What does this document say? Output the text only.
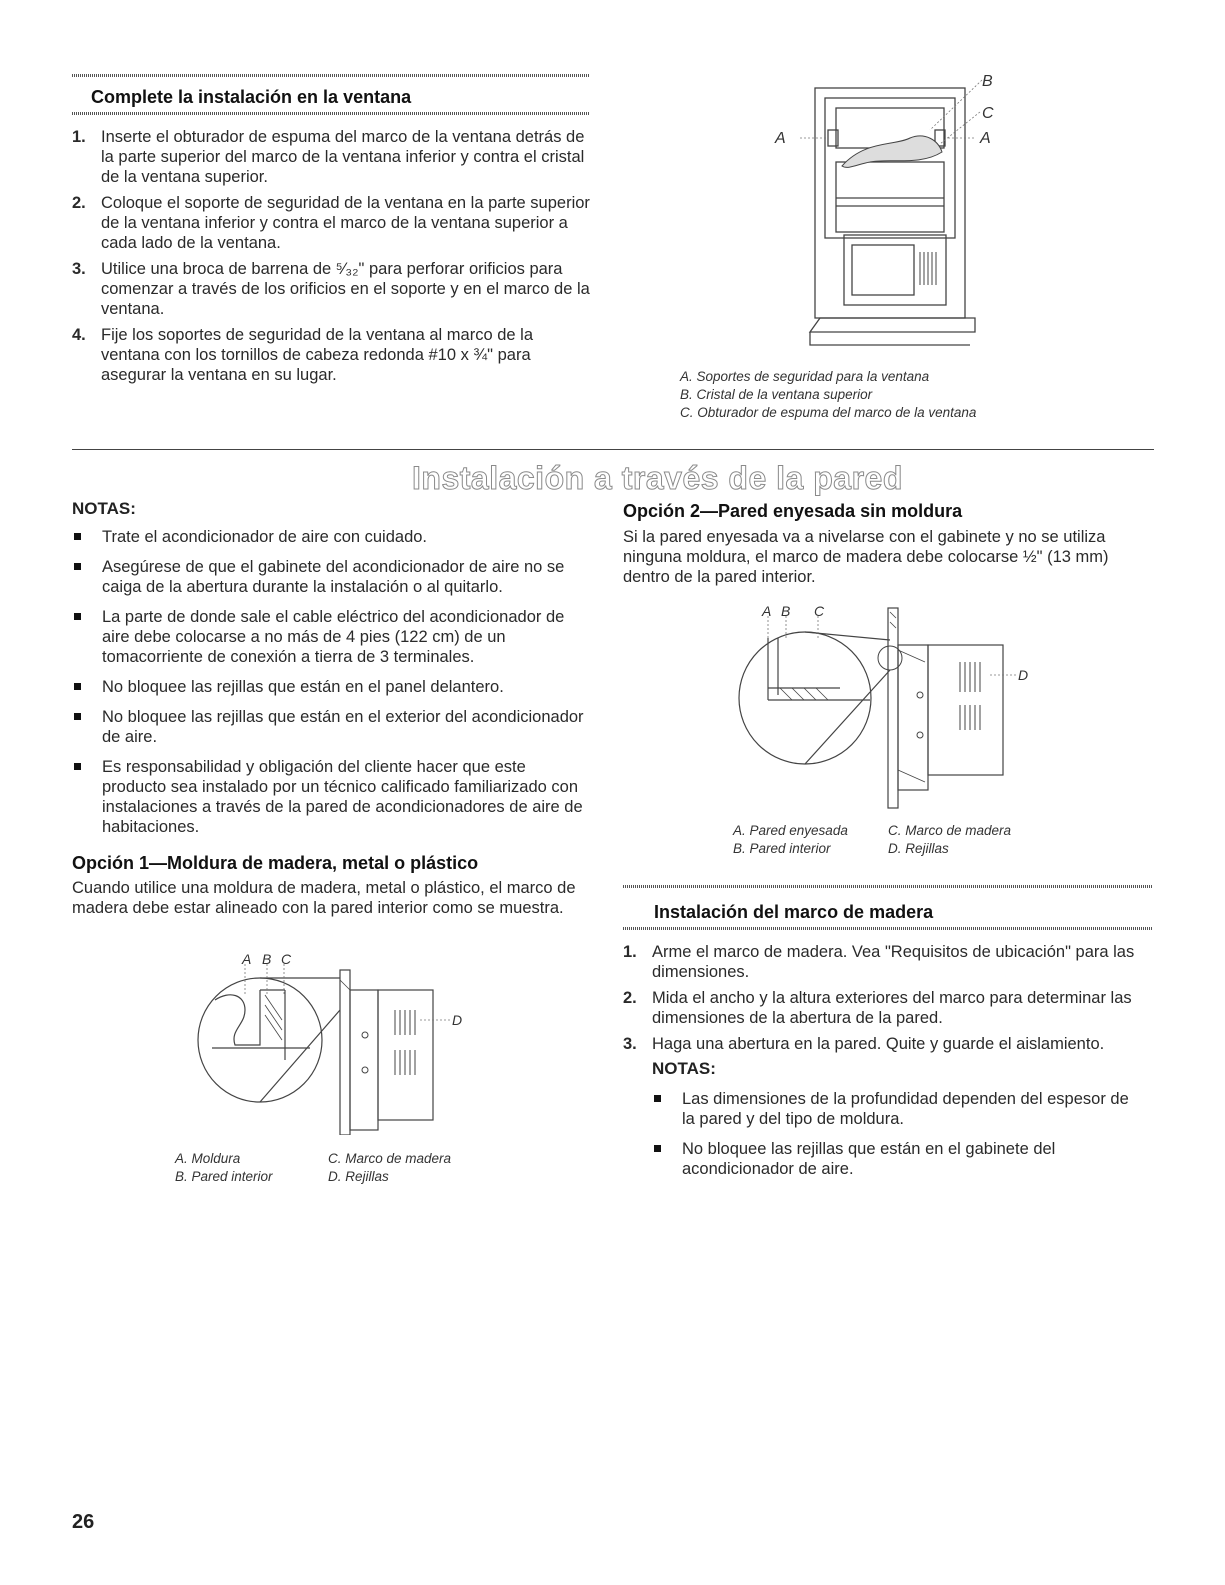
Complete la instalación en la ventana
1. Inserte el obturador de espuma del marco de la ventana detrás de la parte superior del marco de la ventana inferior y contra el cristal de la ventana superior.
2. Coloque el soporte de seguridad de la ventana en la parte superior de la ventana inferior y contra el marco de la ventana superior a cada lado de la ventana.
3. Utilice una broca de barrena de ⁵⁄₃₂" para perforar orificios para comenzar a través de los orificios en el soporte y en el marco de la ventana.
4. Fije los soportes de seguridad de la ventana al marco de la ventana con los tornillos de cabeza redonda #10 x ¾" para asegurar la ventana en su lugar.
A
B
C
A
A. Soportes de seguridad para la ventana
B. Cristal de la ventana superior
C. Obturador de espuma del marco de la ventana
Instalación a través de la pared
NOTAS:
Trate el acondicionador de aire con cuidado.
Asegúrese de que el gabinete del acondicionador de aire no se caiga de la abertura durante la instalación o al quitarlo.
La parte de donde sale el cable eléctrico del acondicionador de aire debe colocarse a no más de 4 pies (122 cm) de un tomacorriente de conexión a tierra de 3 terminales.
No bloquee las rejillas que están en el panel delantero.
No bloquee las rejillas que están en el exterior del acondicionador de aire.
Es responsabilidad y obligación del cliente hacer que este producto sea instalado por un técnico calificado familiarizado con instalaciones a través de la pared de acondicionadores de aire de habitaciones.
Opción 1—Moldura de madera, metal o plástico
Cuando utilice una moldura de madera, metal o plástico, el marco de madera debe estar alineado con la pared interior como se muestra.
A B C
D
A. Moldura
B. Pared interior
C. Marco de madera
D. Rejillas
Opción 2—Pared enyesada sin moldura
Si la pared enyesada va a nivelarse con el gabinete y no se utiliza ninguna moldura, el marco de madera debe colocarse ½" (13 mm) dentro de la pared interior.
A B C
D
A. Pared enyesada
B. Pared interior
C. Marco de madera
D. Rejillas
Instalación del marco de madera
1. Arme el marco de madera. Vea "Requisitos de ubicación" para las dimensiones.
2. Mida el ancho y la altura exteriores del marco para determinar las dimensiones de la abertura de la pared.
3. Haga una abertura en la pared. Quite y guarde el aislamiento.
NOTAS:
Las dimensiones de la profundidad dependen del espesor de la pared y del tipo de moldura.
No bloquee las rejillas que están en el gabinete del acondicionador de aire.
26
